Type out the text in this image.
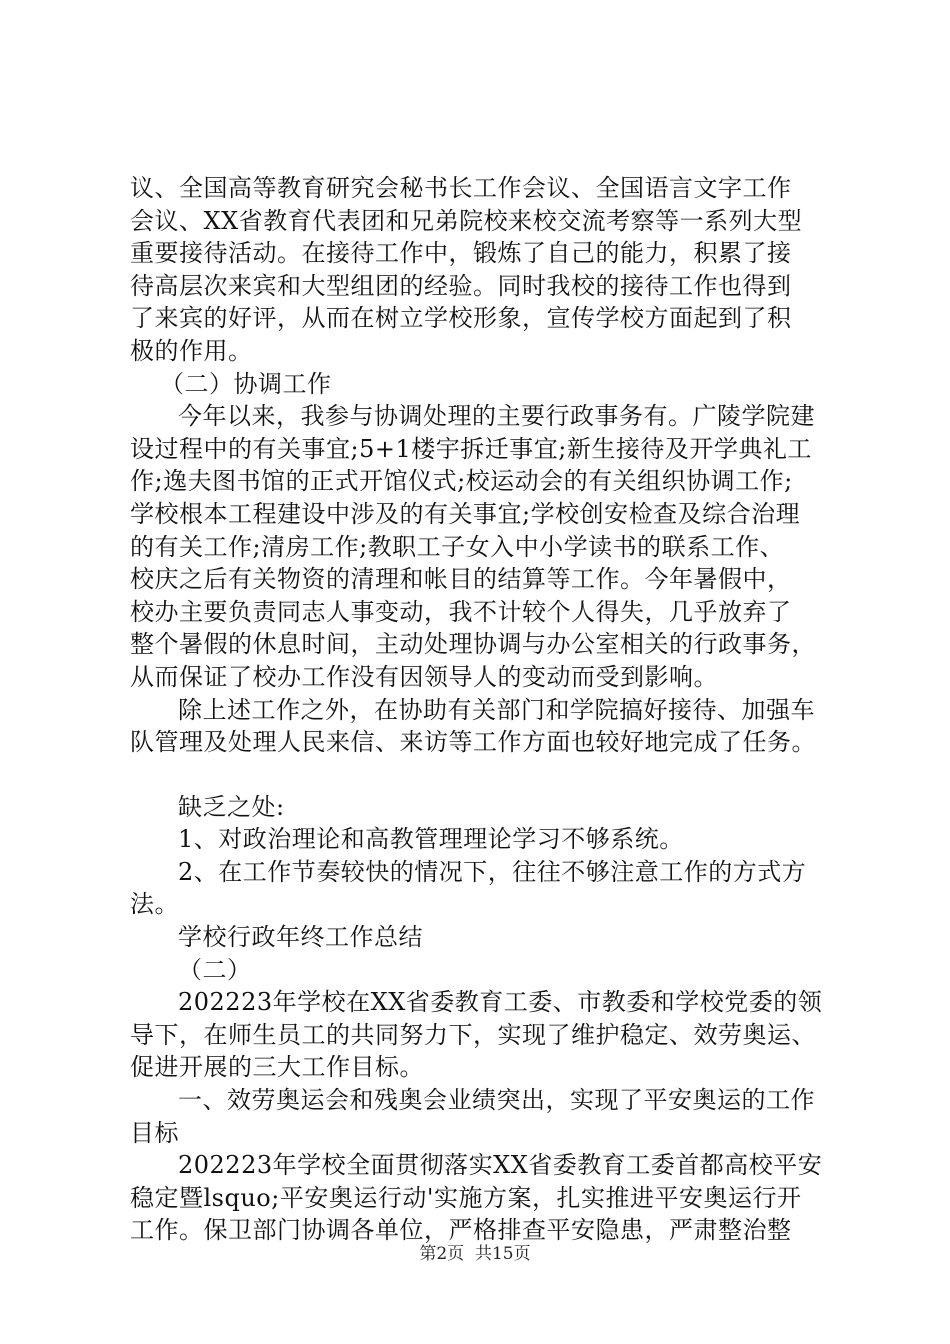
议、全国高等教育研究会秘书长工作会议、全国语言文字工作
会议、XX省教育代表团和兄弟院校来校交流考察等一系列大型
重要接待活动。在接待工作中，锻炼了自己的能力，积累了接
待高层次来宾和大型组团的经验。同时我校的接待工作也得到
了来宾的好评，从而在树立学校形象，宣传学校方面起到了积
极的作用。
（二）协调工作
今年以来，我参与协调处理的主要行政事务有。广陵学院建
设过程中的有关事宜;5+1楼宇拆迁事宜;新生接待及开学典礼工
作;逸夫图书馆的正式开馆仪式;校运动会的有关组织协调工作;
学校根本工程建设中涉及的有关事宜;学校创安检查及综合治理
的有关工作;清房工作;教职工子女入中小学读书的联系工作、
校庆之后有关物资的清理和帐目的结算等工作。今年暑假中，
校办主要负责同志人事变动，我不计较个人得失，几乎放弃了
整个暑假的休息时间，主动处理协调与办公室相关的行政事务，
从而保证了校办工作没有因领导人的变动而受到影响。
除上述工作之外，在协助有关部门和学院搞好接待、加强车
队管理及处理人民来信、来访等工作方面也较好地完成了任务。
缺乏之处:
1、对政治理论和高教管理理论学习不够系统。
2、在工作节奏较快的情况下，往往不够注意工作的方式方
法。
学校行政年终工作总结
（二）
202223年学校在XX省委教育工委、市教委和学校党委的领
导下，在师生员工的共同努力下，实现了维护稳定、效劳奥运、
促进开展的三大工作目标。
一、效劳奥运会和残奥会业绩突出，实现了平安奥运的工作
目标
202223年学校全面贯彻落实XX省委教育工委首都高校平安
稳定暨lsquo;平安奥运行动'实施方案，扎实推进平安奥运行开
工作。保卫部门协调各单位，严格排查平安隐患，严肃整治整
第2页  共15页
